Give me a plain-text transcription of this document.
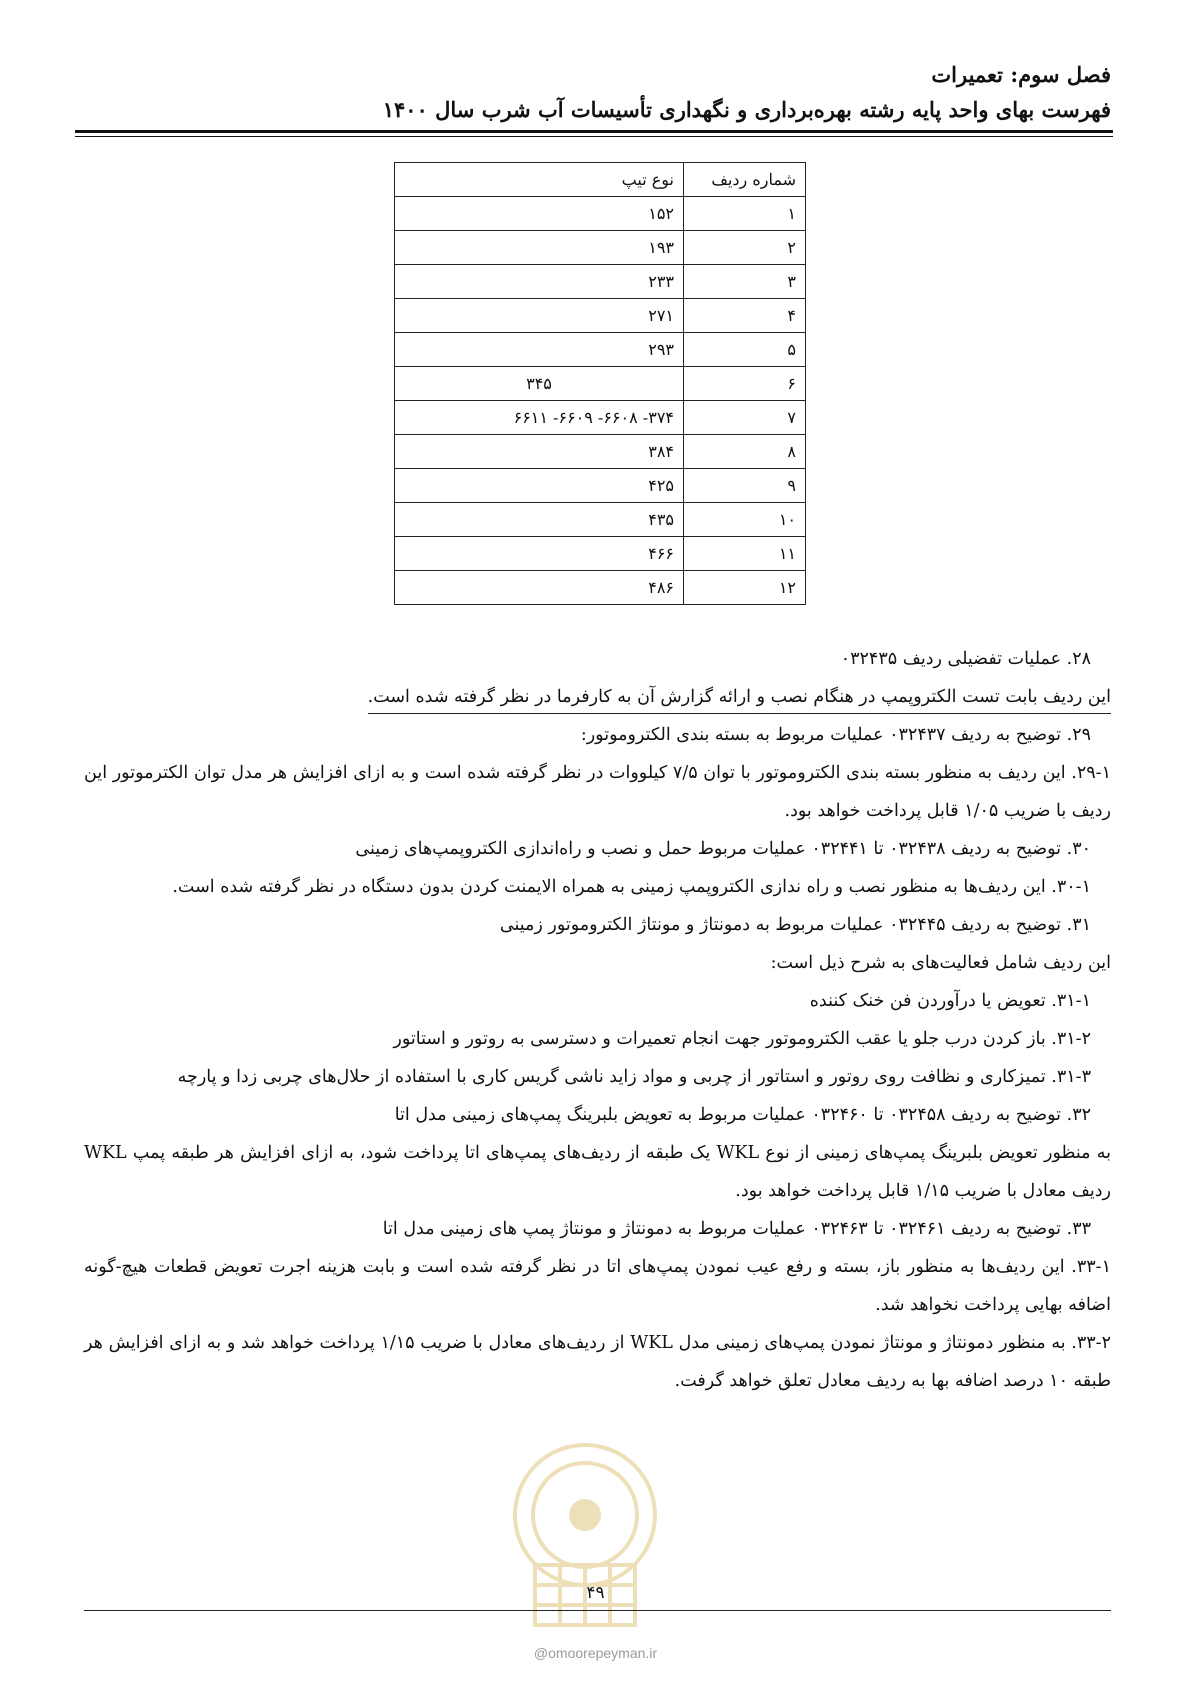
فصل سوم: تعمیرات
فهرست بهای واحد پایه رشته بهره‌برداری و نگهداری تأسیسات آب شرب سال ۱۴۰۰
شماره ردیف	نوع تیپ
۱	۱۵۲
۲	۱۹۳
۳	۲۳۳
۴	۲۷۱
۵	۲۹۳
۶	۳۴۵
۷	۳۷۴- ۶۶۰۸- ۶۶۰۹- ۶۶۱۱
۸	۳۸۴
۹	۴۲۵
۱۰	۴۳۵
۱۱	۴۶۶
۱۲	۴۸۶

۲۸. عملیات تفضیلی ردیف ۰۳۲۴۳۵

این ردیف بابت تست الکتروپمپ در هنگام نصب و ارائه گزارش آن به کارفرما در نظر گرفته شده است.

۲۹. توضیح به ردیف ۰۳۲۴۳۷ عملیات مربوط به بسته بندی الکتروموتور:

۲۹-۱. این ردیف به منظور بسته بندی الکتروموتور با توان ۷/۵ کیلووات در نظر گرفته شده است و به ازای افزایش هر مدل توان الکترموتور این ردیف با ضریب ۱/۰۵ قابل پرداخت خواهد بود.

۳۰. توضیح به ردیف ۰۳۲۴۳۸ تا ۰۳۲۴۴۱ عملیات مربوط حمل و نصب و راه‌اندازی الکتروپمپ‌های زمینی

۳۰-۱. این ردیف‌ها به منظور نصب و راه ندازی الکتروپمپ زمینی به همراه الایمنت کردن بدون دستگاه در نظر گرفته شده است.

۳۱. توضیح به ردیف ۰۳۲۴۴۵ عملیات مربوط به دمونتاژ و مونتاژ الکتروموتور زمینی

این ردیف شامل فعالیت‌های به شرح ذیل است:

۳۱-۱. تعویض یا درآوردن فن خنک کننده

۳۱-۲. باز کردن درب جلو یا عقب الکتروموتور جهت انجام تعمیرات و دسترسی به روتور و استاتور

۳۱-۳. تمیزکاری و نظافت روی روتور و استاتور از چربی و مواد زاید ناشی گریس کاری با استفاده از حلال‌های چربی زدا و پارچه

۳۲. توضیح به ردیف ۰۳۲۴۵۸ تا ۰۳۲۴۶۰ عملیات مربوط به تعویض بلبرینگ پمپ‌های زمینی مدل اتا

به منظور تعویض بلبرینگ پمپ‌های زمینی از نوع WKL یک طبقه از ردیف‌های پمپ‌های اتا پرداخت شود، به ازای افزایش هر طبقه پمپ WKL ردیف معادل با ضریب ۱/۱۵ قابل پرداخت خواهد بود.

۳۳. توضیح به ردیف ۰۳۲۴۶۱ تا ۰۳۲۴۶۳ عملیات مربوط به دمونتاژ و مونتاژ پمپ های زمینی مدل اتا

۳۳-۱. این ردیف‌ها به منظور باز، بسته و رفع عیب نمودن پمپ‌های اتا در نظر گرفته شده است و بابت هزینه اجرت تعویض قطعات هیچ-گونه اضافه بهایی پرداخت نخواهد شد.

۳۳-۲. به منظور دمونتاژ و مونتاژ نمودن پمپ‌های زمینی مدل WKL از ردیف‌های معادل با ضریب ۱/۱۵ پرداخت خواهد شد و به ازای افزایش هر طبقه ۱۰ درصد اضافه بها به ردیف معادل تعلق خواهد گرفت.

۴۹
@omoorepeyman.ir
